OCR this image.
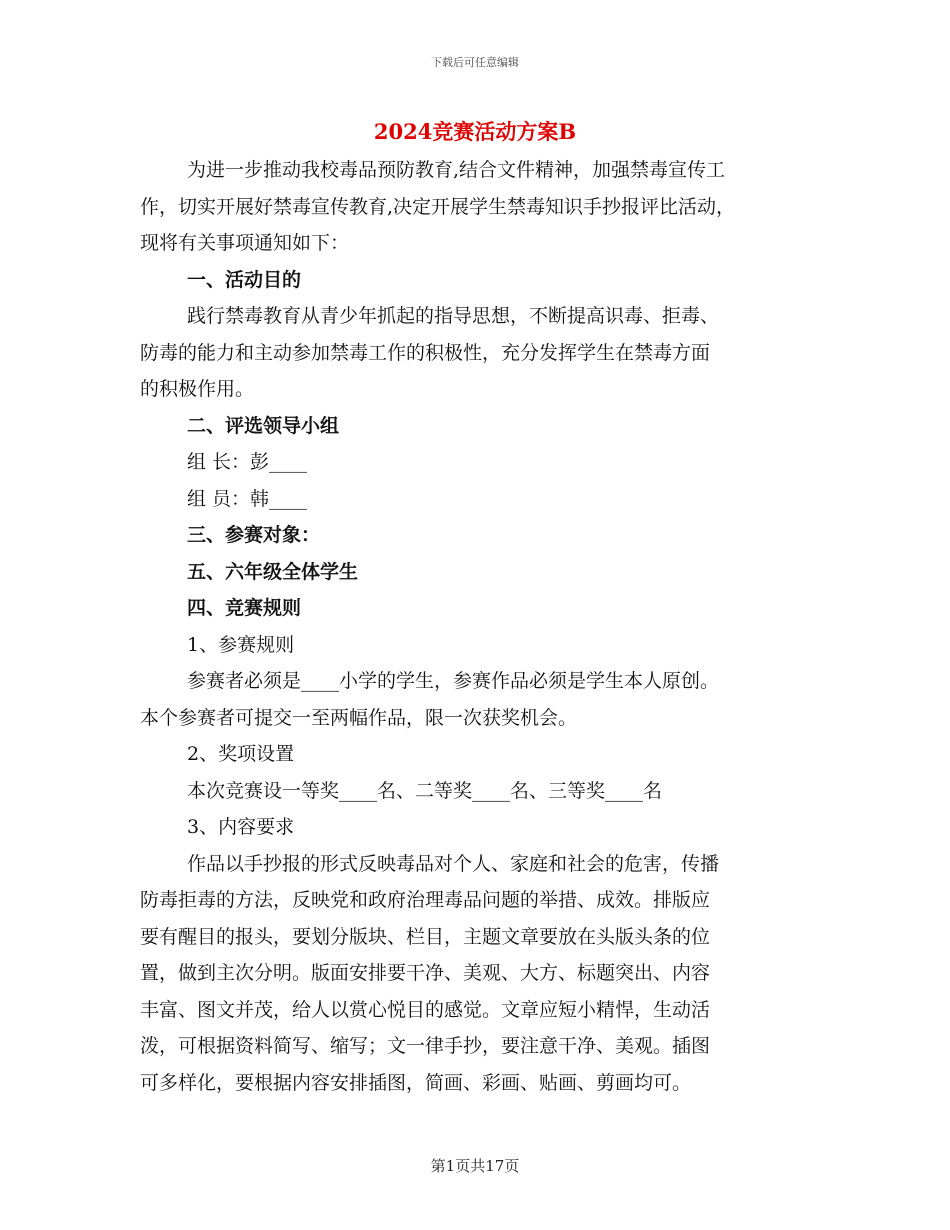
下载后可任意编辑
2024竞赛活动方案B

为进一步推动我校毒品预防教育,结合文件精神，加强禁毒宣传工

作，切实开展好禁毒宣传教育,决定开展学生禁毒知识手抄报评比活动，

现将有关事项通知如下：

一、活动目的

践行禁毒教育从青少年抓起的指导思想，不断提高识毒、拒毒、

防毒的能力和主动参加禁毒工作的积极性，充分发挥学生在禁毒方面

的积极作用。

二、评选领导小组

组 长：彭____

组 员：韩____

三、参赛对象：

五、六年级全体学生

四、竞赛规则

1、参赛规则

参赛者必须是____小学的学生，参赛作品必须是学生本人原创。

本个参赛者可提交一至两幅作品，限一次获奖机会。

2、奖项设置

本次竞赛设一等奖____名、二等奖____名、三等奖____名

3、内容要求

作品以手抄报的形式反映毒品对个人、家庭和社会的危害，传播

防毒拒毒的方法，反映党和政府治理毒品问题的举措、成效。排版应

要有醒目的报头，要划分版块、栏目，主题文章要放在头版头条的位

置，做到主次分明。版面安排要干净、美观、大方、标题突出、内容

丰富、图文并茂，给人以赏心悦目的感觉。文章应短小精悍，生动活

泼，可根据资料简写、缩写；文一律手抄，要注意干净、美观。插图

可多样化，要根据内容安排插图，简画、彩画、贴画、剪画均可。

第1页共17页
